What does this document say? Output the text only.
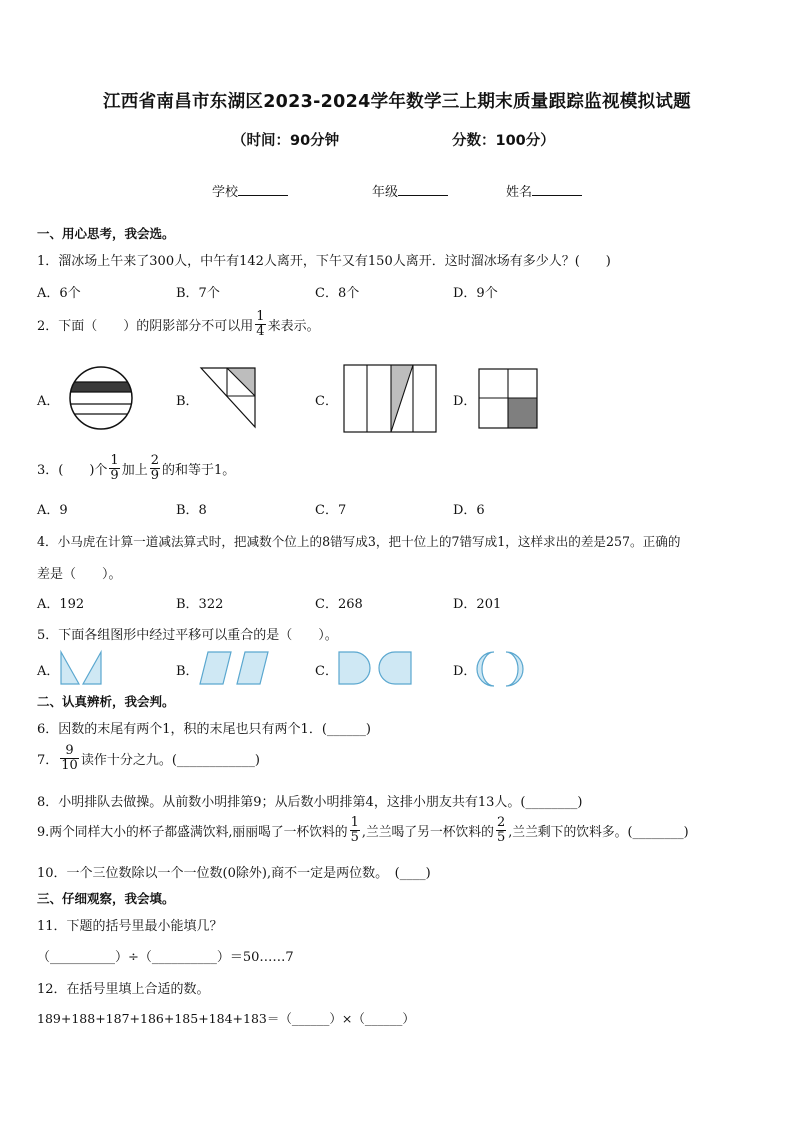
江西省南昌市东湖区2023-2024学年数学三上期末质量跟踪监视模拟试题
（时间：90分钟	分数：100分）
学校	年级	姓名
一、用心思考，我会选。
1．溜冰场上午来了300人，中午有142人离开，下午又有150人离开．这时溜冰场有多少人？(　　)
A．6个	B．7个	C．8个	D．9个
2．下面（　　）的阴影部分不可以用 $\frac{1}{4}$ 来表示。
A．	B．	C．	D．
3．(　　)个 $\frac{1}{9}$ 加上 $\frac{2}{9}$ 的和等于1。
A．9	B．8	C．7	D．6
4．小马虎在计算一道减法算式时，把减数个位上的8错写成3，把十位上的7错写成1，这样求出的差是257。正确的
差是（　　）。
A．192	B．322	C．268	D．201
5．下面各组图形中经过平移可以重合的是（　　）。
A．	B．	C．	D．
二、认真辨析，我会判。
6．因数的末尾有两个1，积的末尾也只有两个1．(______)
7． $\frac{9}{10}$ 读作十分之九。(____________)
8．小明排队去做操。从前数小明排第9；从后数小明排第4，这排小朋友共有13人。(________)
9.两个同样大小的杯子都盛满饮料,丽丽喝了一杯饮料的 $\frac{1}{5}$ ,兰兰喝了另一杯饮料的 $\frac{2}{5}$ ,兰兰剩下的饮料多。(________)
10．一个三位数除以一个一位数(0除外),商不一定是两位数。　(____)
三、仔细观察，我会填。
11．下题的括号里最小能填几？
（__________）÷（__________）＝50……7
12．在括号里填上合适的数。
189+188+187+186+185+184+183＝（______）×（______）
